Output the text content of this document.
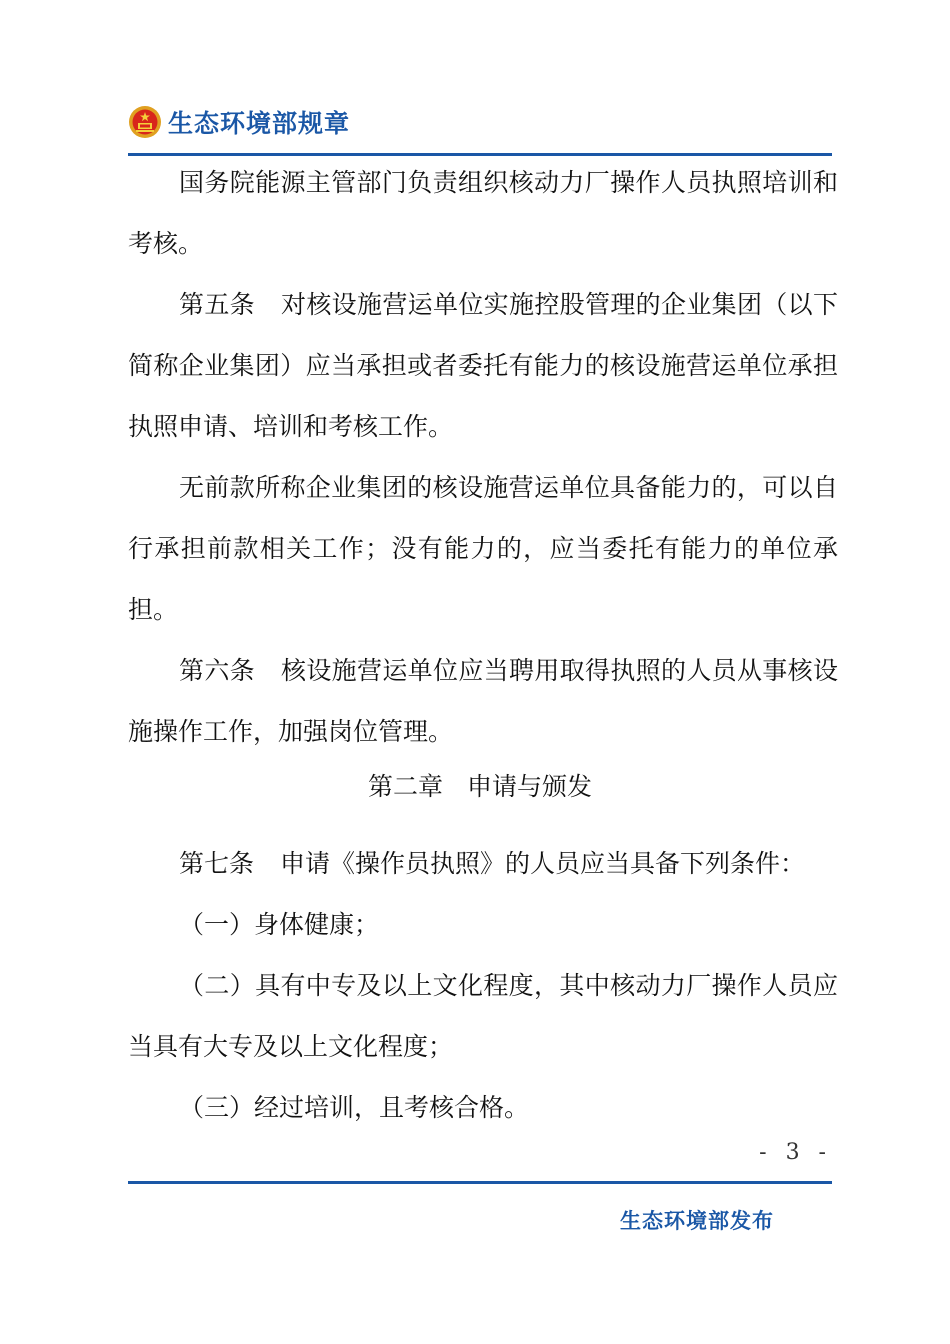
生态环境部规章

国务院能源主管部门负责组织核动力厂操作人员执照培训和考核。

第五条 对核设施营运单位实施控股管理的企业集团（以下简称企业集团）应当承担或者委托有能力的核设施营运单位承担执照申请、培训和考核工作。

无前款所称企业集团的核设施营运单位具备能力的，可以自行承担前款相关工作；没有能力的，应当委托有能力的单位承担。

第六条 核设施营运单位应当聘用取得执照的人员从事核设施操作工作，加强岗位管理。

第二章 申请与颁发

第七条 申请《操作员执照》的人员应当具备下列条件：

（一）身体健康；

（二）具有中专及以上文化程度，其中核动力厂操作人员应当具有大专及以上文化程度；

（三）经过培训，且考核合格。

- 3 -
生态环境部发布
